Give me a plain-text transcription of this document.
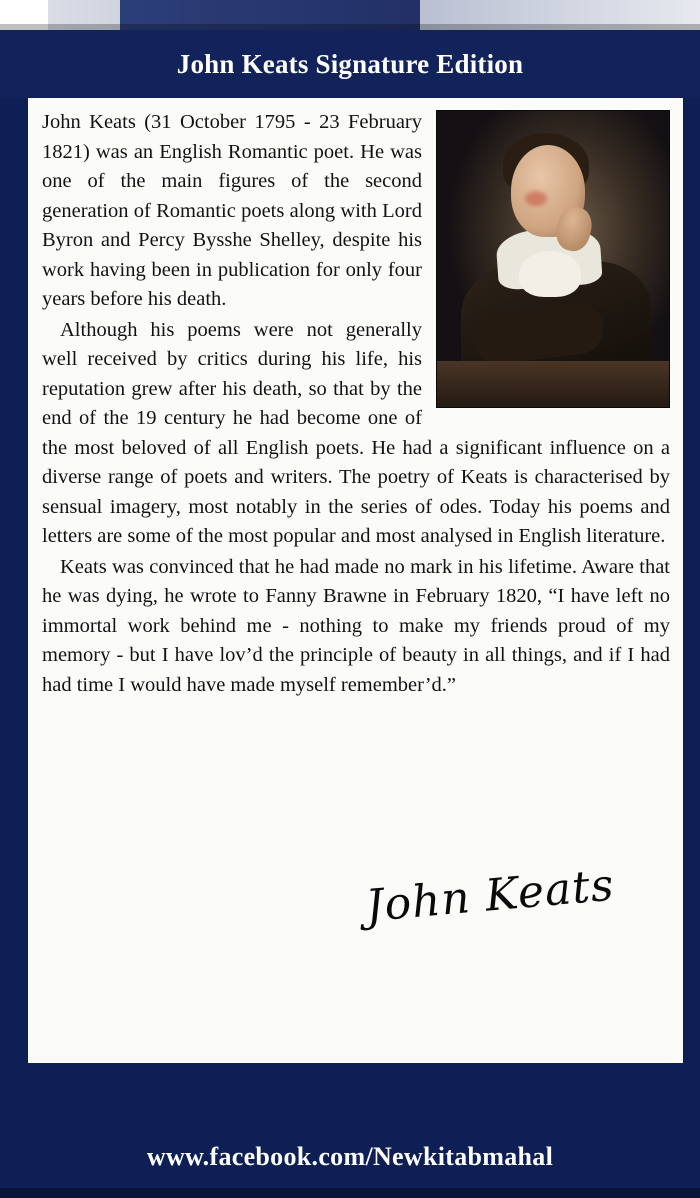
John Keats Signature Edition

John Keats (31 October 1795 - 23 February 1821) was an English Romantic poet. He was one of the main figures of the second generation of Romantic poets along with Lord Byron and Percy Bysshe Shelley, despite his work having been in publication for only four years before his death.

Although his poems were not generally well received by critics during his life, his reputation grew after his death, so that by the end of the 19 century he had become one of the most beloved of all English poets. He had a significant influence on a diverse range of poets and writers. The poetry of Keats is characterised by sensual imagery, most notably in the series of odes. Today his poems and letters are some of the most popular and most analysed in English literature.

Keats was convinced that he had made no mark in his lifetime. Aware that he was dying, he wrote to Fanny Brawne in February 1820, “I have left no immortal work behind me - nothing to make my friends proud of my memory - but I have lov’d the principle of beauty in all things, and if I had had time I would have made myself remember’d.”

John Keats
www.facebook.com/Newkitabmahal
